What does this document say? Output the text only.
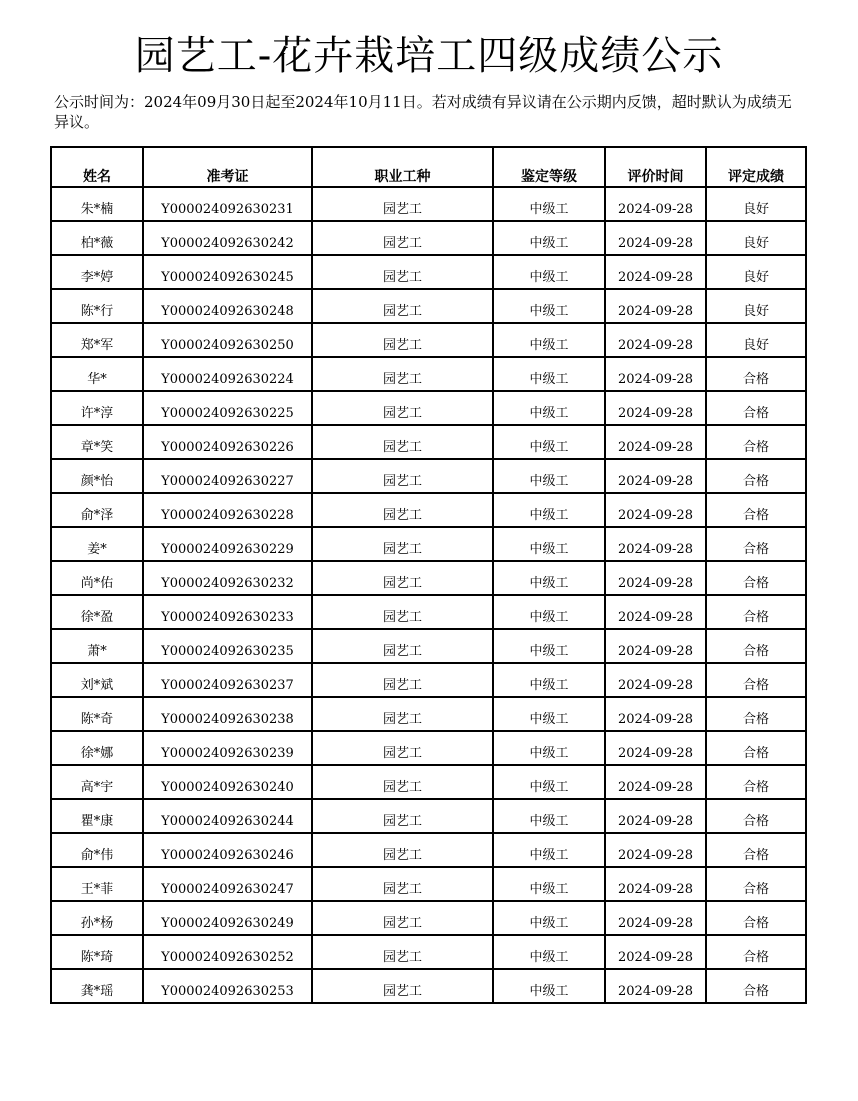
园艺工-花卉栽培工四级成绩公示
公示时间为：2024年09月30日起至2024年10月11日。若对成绩有异议请在公示期内反馈，超时默认为成绩无异议。
姓名	准考证	职业工种	鉴定等级	评价时间	评定成绩
朱*楠	Y000024092630231	园艺工	中级工	2024-09-28	良好
柏*薇	Y000024092630242	园艺工	中级工	2024-09-28	良好
李*婷	Y000024092630245	园艺工	中级工	2024-09-28	良好
陈*行	Y000024092630248	园艺工	中级工	2024-09-28	良好
郑*军	Y000024092630250	园艺工	中级工	2024-09-28	良好
华*	Y000024092630224	园艺工	中级工	2024-09-28	合格
许*淳	Y000024092630225	园艺工	中级工	2024-09-28	合格
章*笑	Y000024092630226	园艺工	中级工	2024-09-28	合格
颜*怡	Y000024092630227	园艺工	中级工	2024-09-28	合格
俞*泽	Y000024092630228	园艺工	中级工	2024-09-28	合格
姜*	Y000024092630229	园艺工	中级工	2024-09-28	合格
尚*佑	Y000024092630232	园艺工	中级工	2024-09-28	合格
徐*盈	Y000024092630233	园艺工	中级工	2024-09-28	合格
萧*	Y000024092630235	园艺工	中级工	2024-09-28	合格
刘*斌	Y000024092630237	园艺工	中级工	2024-09-28	合格
陈*奇	Y000024092630238	园艺工	中级工	2024-09-28	合格
徐*娜	Y000024092630239	园艺工	中级工	2024-09-28	合格
高*宇	Y000024092630240	园艺工	中级工	2024-09-28	合格
瞿*康	Y000024092630244	园艺工	中级工	2024-09-28	合格
俞*伟	Y000024092630246	园艺工	中级工	2024-09-28	合格
王*菲	Y000024092630247	园艺工	中级工	2024-09-28	合格
孙*杨	Y000024092630249	园艺工	中级工	2024-09-28	合格
陈*琦	Y000024092630252	园艺工	中级工	2024-09-28	合格
龚*瑶	Y000024092630253	园艺工	中级工	2024-09-28	合格
